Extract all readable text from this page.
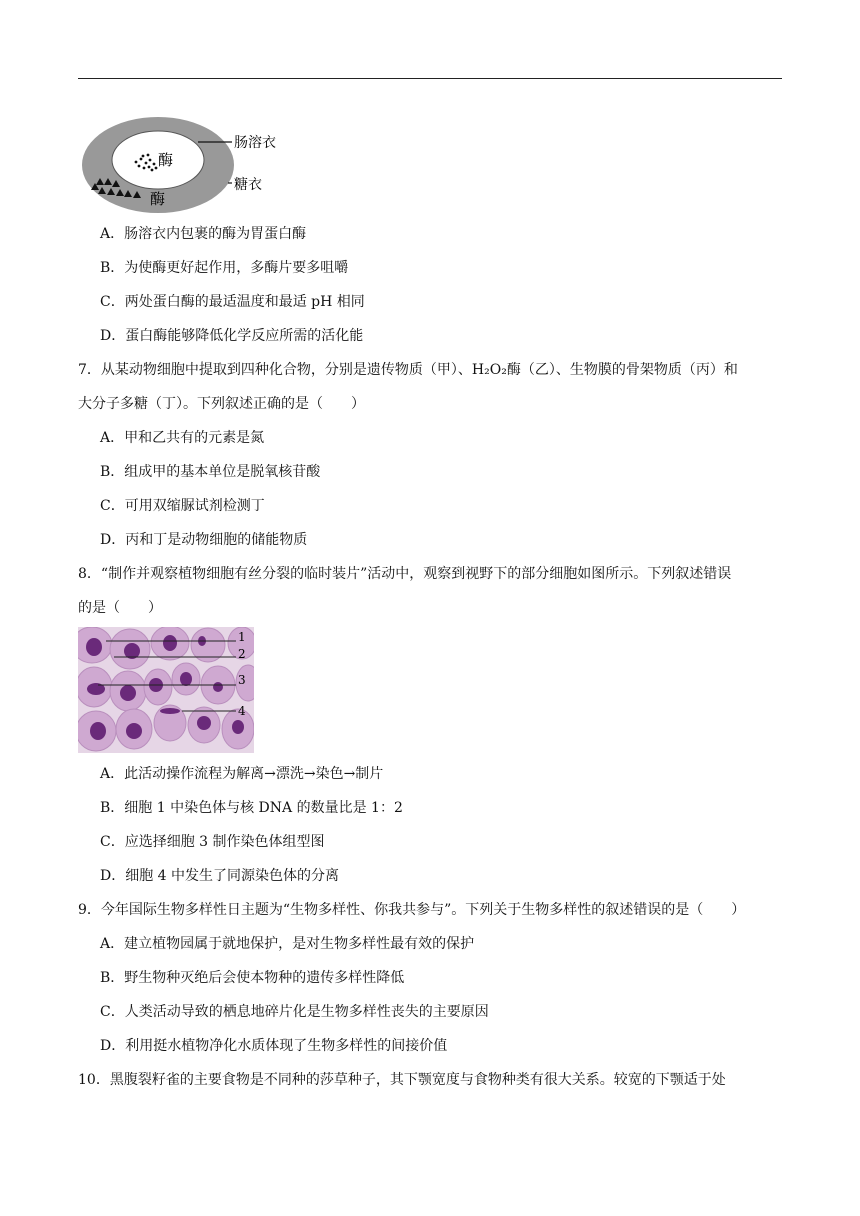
酶
酶
肠溶衣
糖衣
A．肠溶衣内包裹的酶为胃蛋白酶
B．为使酶更好起作用，多酶片要多咀嚼
C．两处蛋白酶的最适温度和最适 pH 相同
D．蛋白酶能够降低化学反应所需的活化能
7．从某动物细胞中提取到四种化合物，分别是遗传物质（甲）、H₂O₂酶（乙）、生物膜的骨架物质（丙）和
大分子多糖（丁）。下列叙述正确的是（　　）
A．甲和乙共有的元素是氮
B．组成甲的基本单位是脱氧核苷酸
C．可用双缩脲试剂检测丁
D．丙和丁是动物细胞的储能物质
8．“制作并观察植物细胞有丝分裂的临时装片”活动中，观察到视野下的部分细胞如图所示。下列叙述错误
的是（　　）
1
2
3
4
A．此活动操作流程为解离→漂洗→染色→制片
B．细胞 1 中染色体与核 DNA 的数量比是 1：2
C．应选择细胞 3 制作染色体组型图
D．细胞 4 中发生了同源染色体的分离
9．今年国际生物多样性日主题为“生物多样性、你我共参与”。下列关于生物多样性的叙述错误的是（　　）
A．建立植物园属于就地保护，是对生物多样性最有效的保护
B．野生物种灭绝后会使本物种的遗传多样性降低
C．人类活动导致的栖息地碎片化是生物多样性丧失的主要原因
D．利用挺水植物净化水质体现了生物多样性的间接价值
10．黑腹裂籽雀的主要食物是不同种的莎草种子，其下颚宽度与食物种类有很大关系。较宽的下颚适于处
